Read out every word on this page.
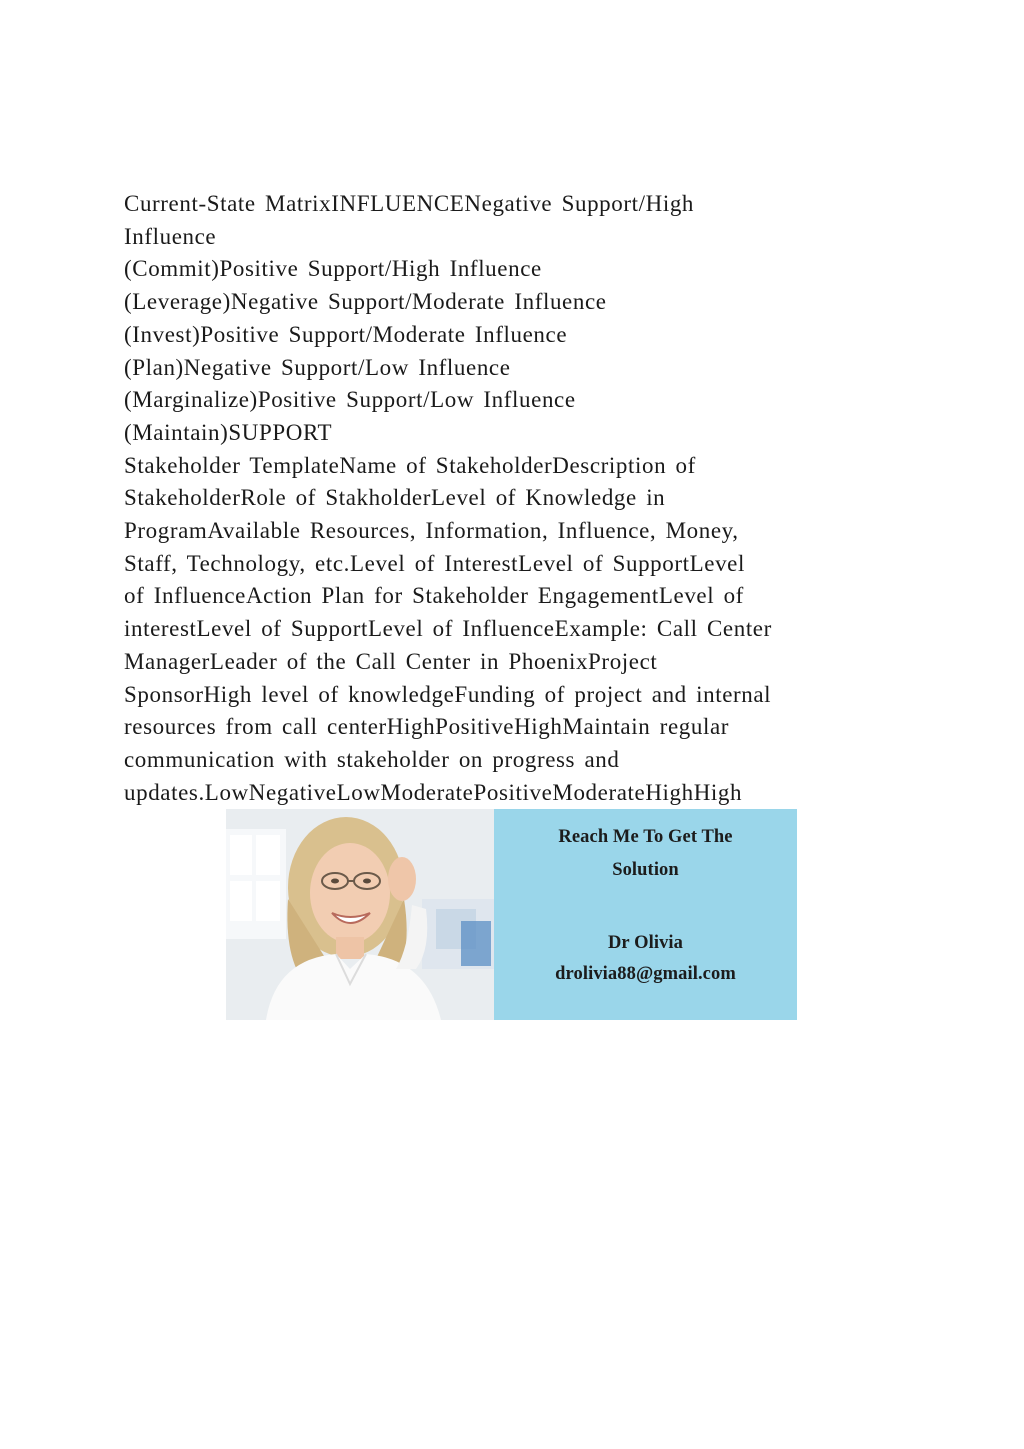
Current-State MatrixINFLUENCENegative Support/High
Influence
(Commit)Positive Support/High Influence
(Leverage)Negative Support/Moderate Influence
(Invest)Positive Support/Moderate Influence
(Plan)Negative Support/Low Influence
(Marginalize)Positive Support/Low Influence
(Maintain)SUPPORT
Stakeholder TemplateName of StakeholderDescription of
StakeholderRole of StakholderLevel of Knowledge in
ProgramAvailable Resources, Information, Influence, Money,
Staff, Technology, etc.Level of InterestLevel of SupportLevel
of InfluenceAction Plan for Stakeholder EngagementLevel of
interestLevel of SupportLevel of InfluenceExample: Call Center
ManagerLeader of the Call Center in PhoenixProject
SponsorHigh level of knowledgeFunding of project and internal
resources from call centerHighPositiveHighMaintain regular
communication with stakeholder on progress and
updates.LowNegativeLowModeratePositiveModerateHighHigh
Reach Me To Get The
Solution
Dr Olivia
drolivia88@gmail.com
